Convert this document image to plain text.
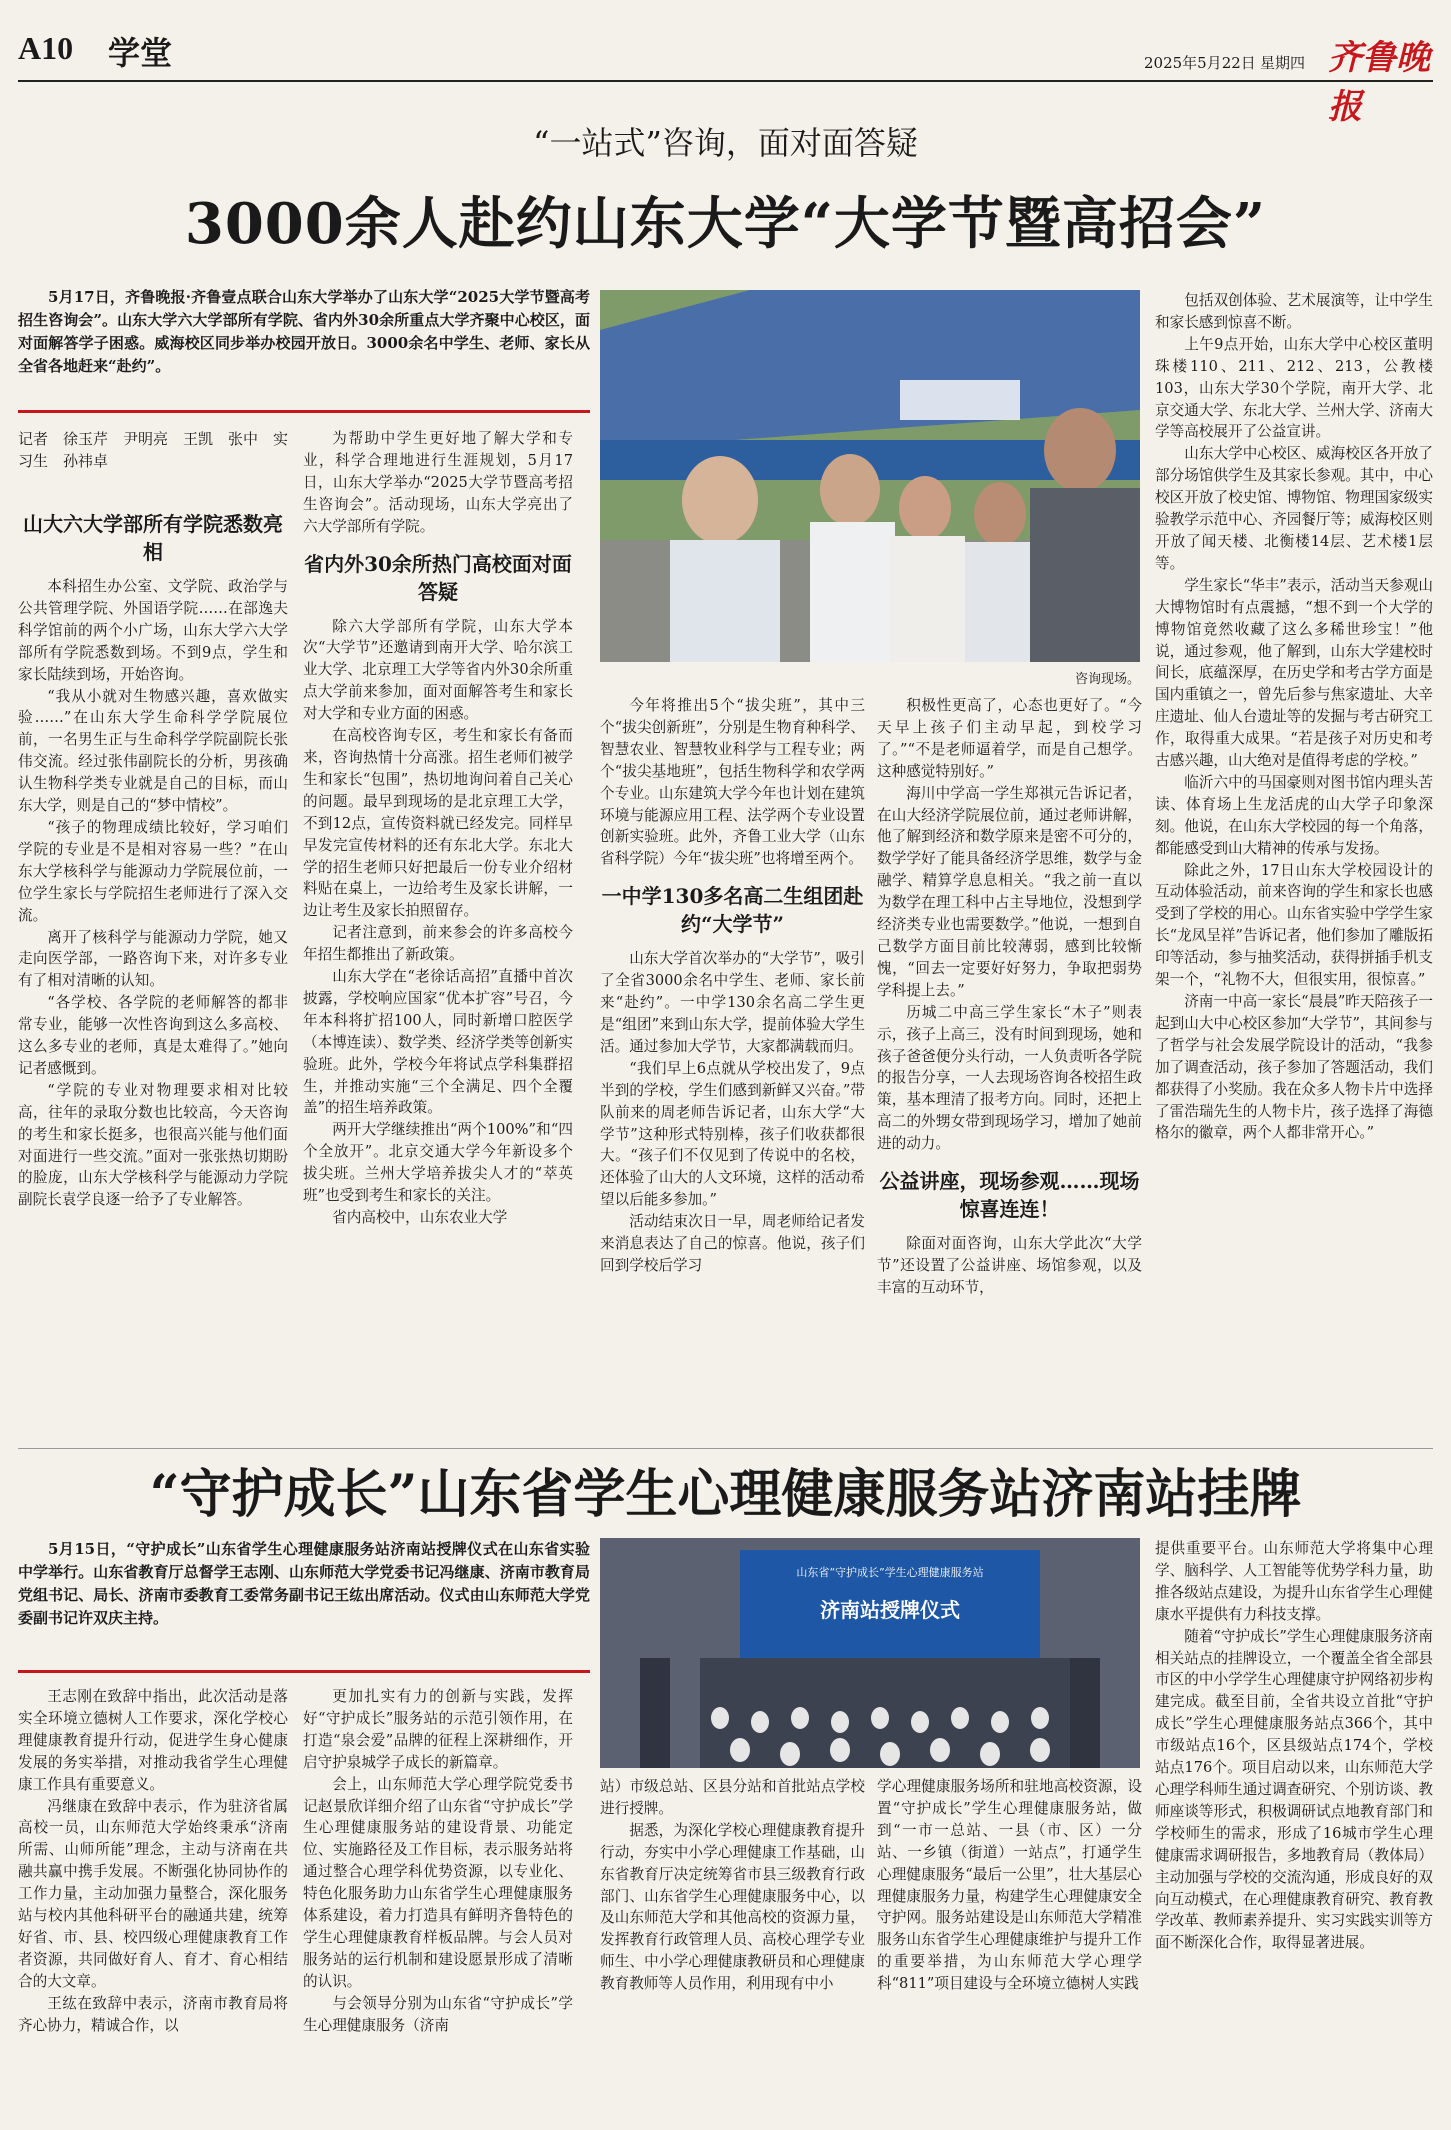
A10 学堂	2025年5月22日 星期四 齐鲁晚报
“一站式”咨询，面对面答疑
3000余人赴约山东大学“大学节暨高招会”

5月17日，齐鲁晚报·齐鲁壹点联合山东大学举办了山东大学“2025大学节暨高考招生咨询会”。山东大学六大学部所有学院、省内外30余所重点大学齐聚中心校区，面对面解答学子困惑。威海校区同步举办校园开放日。3000余名中学生、老师、家长从全省各地赶来“赴约”。

记者　徐玉芹　尹明亮　王凯　张中　实习生　孙祎卓
山大六大学部所有学院悉数亮相

本科招生办公室、文学院、政治学与公共管理学院、外国语学院……在部逸夫科学馆前的两个小广场，山东大学六大学部所有学院悉数到场。不到9点，学生和家长陆续到场，开始咨询。

“我从小就对生物感兴趣，喜欢做实验……”在山东大学生命科学学院展位前，一名男生正与生命科学学院副院长张伟交流。经过张伟副院长的分析，男孩确认生物科学类专业就是自己的目标，而山东大学，则是自己的“梦中情校”。

“孩子的物理成绩比较好，学习咱们学院的专业是不是相对容易一些？”在山东大学核科学与能源动力学院展位前，一位学生家长与学院招生老师进行了深入交流。

离开了核科学与能源动力学院，她又走向医学部，一路咨询下来，对许多专业有了相对清晰的认知。

“各学校、各学院的老师解答的都非常专业，能够一次性咨询到这么多高校、这么多专业的老师，真是太难得了。”她向记者感慨到。

“学院的专业对物理要求相对比较高，往年的录取分数也比较高，今天咨询的考生和家长挺多，也很高兴能与他们面对面进行一些交流。”面对一张张热切期盼的脸庞，山东大学核科学与能源动力学院副院长袁学良逐一给予了专业解答。

为帮助中学生更好地了解大学和专业，科学合理地进行生涯规划，5月17日，山东大学举办“2025大学节暨高考招生咨询会”。活动现场，山东大学亮出了六大学部所有学院。

省内外30余所热门高校面对面答疑

除六大学部所有学院，山东大学本次“大学节”还邀请到南开大学、哈尔滨工业大学、北京理工大学等省内外30余所重点大学前来参加，面对面解答考生和家长对大学和专业方面的困惑。

在高校咨询专区，考生和家长有备而来，咨询热情十分高涨。招生老师们被学生和家长“包围”，热切地询问着自己关心的问题。最早到现场的是北京理工大学，不到12点，宣传资料就已经发完。同样早早发完宣传材料的还有东北大学。东北大学的招生老师只好把最后一份专业介绍材料贴在桌上，一边给考生及家长讲解，一边让考生及家长拍照留存。

记者注意到，前来参会的许多高校今年招生都推出了新政策。

山东大学在“老徐话高招”直播中首次披露，学校响应国家“优本扩容”号召，今年本科将扩招100人，同时新增口腔医学（本博连读）、数学类、经济学类等创新实验班。此外，学校今年将试点学科集群招生，并推动实施“三个全满足、四个全覆盖”的招生培养政策。

两开大学继续推出“两个100%”和“四个全放开”。北京交通大学今年新设多个拔尖班。兰州大学培养拔尖人才的“萃英班”也受到考生和家长的关注。

省内高校中，山东农业大学

咨询现场。

今年将推出5个“拔尖班”，其中三个“拔尖创新班”，分别是生物育种科学、智慧农业、智慧牧业科学与工程专业；两个“拔尖基地班”，包括生物科学和农学两个专业。山东建筑大学今年也计划在建筑环境与能源应用工程、法学两个专业设置创新实验班。此外，齐鲁工业大学（山东省科学院）今年“拔尖班”也将增至两个。

一中学130多名高二生组团赴约“大学节”

山东大学首次举办的“大学节”，吸引了全省3000余名中学生、老师、家长前来“赴约”。一中学130余名高二学生更是“组团”来到山东大学，提前体验大学生活。通过参加大学节，大家都满载而归。

“我们早上6点就从学校出发了，9点半到的学校，学生们感到新鲜又兴奋。”带队前来的周老师告诉记者，山东大学“大学节”这种形式特别棒，孩子们收获都很大。“孩子们不仅见到了传说中的名校，还体验了山大的人文环境，这样的活动希望以后能多参加。”

活动结束次日一早，周老师给记者发来消息表达了自己的惊喜。他说，孩子们回到学校后学习

积极性更高了，心态也更好了。“今天早上孩子们主动早起，到校学习了。”“不是老师逼着学，而是自己想学。这种感觉特别好。”

海川中学高一学生郑祺元告诉记者，在山大经济学院展位前，通过老师讲解，他了解到经济和数学原来是密不可分的，数学学好了能具备经济学思维，数学与金融学、精算学息息相关。“我之前一直以为数学在理工科中占主导地位，没想到学经济类专业也需要数学。”他说，一想到自己数学方面目前比较薄弱，感到比较惭愧，“回去一定要好好努力，争取把弱势学科提上去。”

历城二中高三学生家长“木子”则表示，孩子上高三，没有时间到现场，她和孩子爸爸便分头行动，一人负责听各学院的报告分享，一人去现场咨询各校招生政策，基本理清了报考方向。同时，还把上高二的外甥女带到现场学习，增加了她前进的动力。

公益讲座，现场参观……现场惊喜连连！

除面对面咨询，山东大学此次“大学节”还设置了公益讲座、场馆参观，以及丰富的互动环节，

包括双创体验、艺术展演等，让中学生和家长感到惊喜不断。

上午9点开始，山东大学中心校区董明珠楼110、211、212、213，公教楼103，山东大学30个学院，南开大学、北京交通大学、东北大学、兰州大学、济南大学等高校展开了公益宣讲。

山东大学中心校区、威海校区各开放了部分场馆供学生及其家长参观。其中，中心校区开放了校史馆、博物馆、物理国家级实验教学示范中心、齐园餐厅等；威海校区则开放了闻天楼、北衡楼14层、艺术楼1层等。

学生家长“华丰”表示，活动当天参观山大博物馆时有点震撼，“想不到一个大学的博物馆竟然收藏了这么多稀世珍宝！”他说，通过参观，他了解到，山东大学建校时间长，底蕴深厚，在历史学和考古学方面是国内重镇之一，曾先后参与焦家遗址、大辛庄遗址、仙人台遗址等的发掘与考古研究工作，取得重大成果。“若是孩子对历史和考古感兴趣，山大绝对是值得考虑的学校。”

临沂六中的马国豪则对图书馆内理头苦读、体育场上生龙活虎的山大学子印象深刻。他说，在山东大学校园的每一个角落，都能感受到山大精神的传承与发扬。

除此之外，17日山东大学校园设计的互动体验活动，前来咨询的学生和家长也感受到了学校的用心。山东省实验中学学生家长“龙凤呈祥”告诉记者，他们参加了雕版拓印等活动，参与抽奖活动，获得拼插手机支架一个，“礼物不大，但很实用，很惊喜。”

济南一中高一家长“晨晨”昨天陪孩子一起到山大中心校区参加“大学节”，其间参与了哲学与社会发展学院设计的活动，“我参加了调查活动，孩子参加了答题活动，我们都获得了小奖励。我在众多人物卡片中选择了雷浩瑞先生的人物卡片，孩子选择了海德格尔的徽章，两个人都非常开心。”

“守护成长”山东省学生心理健康服务站济南站挂牌

5月15日，“守护成长”山东省学生心理健康服务站济南站授牌仪式在山东省实验中学举行。山东省教育厅总督学王志刚、山东师范大学党委书记冯继康、济南市教育局党组书记、局长、济南市委教育工委常务副书记王纮出席活动。仪式由山东师范大学党委副书记许双庆主持。

山东省“守护成长”学生心理健康服务站
济南站授牌仪式

王志刚在致辞中指出，此次活动是落实全环境立德树人工作要求，深化学校心理健康教育提升行动，促进学生身心健康发展的务实举措，对推动我省学生心理健康工作具有重要意义。

冯继康在致辞中表示，作为驻济省属高校一员，山东师范大学始终秉承“济南所需、山师所能”理念，主动与济南在共融共赢中携手发展。不断强化协同协作的工作力量，主动加强力量整合，深化服务站与校内其他科研平台的融通共建，统筹好省、市、县、校四级心理健康教育工作者资源，共同做好育人、育才、育心相结合的大文章。

王纮在致辞中表示，济南市教育局将齐心协力，精诚合作，以

更加扎实有力的创新与实践，发挥好“守护成长”服务站的示范引领作用，在打造“泉会爱”品牌的征程上深耕细作，开启守护泉城学子成长的新篇章。

会上，山东师范大学心理学院党委书记赵景欣详细介绍了山东省“守护成长”学生心理健康服务站的建设背景、功能定位、实施路径及工作目标，表示服务站将通过整合心理学科优势资源，以专业化、特色化服务助力山东省学生心理健康服务体系建设，着力打造具有鲜明齐鲁特色的学生心理健康教育样板品牌。与会人员对服务站的运行机制和建设愿景形成了清晰的认识。

与会领导分别为山东省“守护成长”学生心理健康服务（济南

站）市级总站、区县分站和首批站点学校进行授牌。

据悉，为深化学校心理健康教育提升行动，夯实中小学心理健康工作基础，山东省教育厅决定统筹省市县三级教育行政部门、山东省学生心理健康服务中心，以及山东师范大学和其他高校的资源力量，发挥教育行政管理人员、高校心理学专业师生、中小学心理健康教研员和心理健康教育教师等人员作用，利用现有中小

学心理健康服务场所和驻地高校资源，设置“守护成长”学生心理健康服务站，做到“一市一总站、一县（市、区）一分站、一乡镇（街道）一站点”，打通学生心理健康服务“最后一公里”，壮大基层心理健康服务力量，构建学生心理健康安全守护网。服务站建设是山东师范大学精准服务山东省学生心理健康维护与提升工作的重要举措，为山东师范大学心理学科“811”项目建设与全环境立德树人实践

提供重要平台。山东师范大学将集中心理学、脑科学、人工智能等优势学科力量，助推各级站点建设，为提升山东省学生心理健康水平提供有力科技支撑。

随着“守护成长”学生心理健康服务济南相关站点的挂牌设立，一个覆盖全省全部县市区的中小学学生心理健康守护网络初步构建完成。截至目前，全省共设立首批“守护成长”学生心理健康服务站点366个，其中市级站点16个，区县级站点174个，学校站点176个。项目启动以来，山东师范大学心理学科师生通过调查研究、个别访谈、教师座谈等形式，积极调研试点地教育部门和学校师生的需求，形成了16城市学生心理健康需求调研报告，多地教育局（教体局）主动加强与学校的交流沟通，形成良好的双向互动模式，在心理健康教育研究、教育教学改革、教师素养提升、实习实践实训等方面不断深化合作，取得显著进展。
